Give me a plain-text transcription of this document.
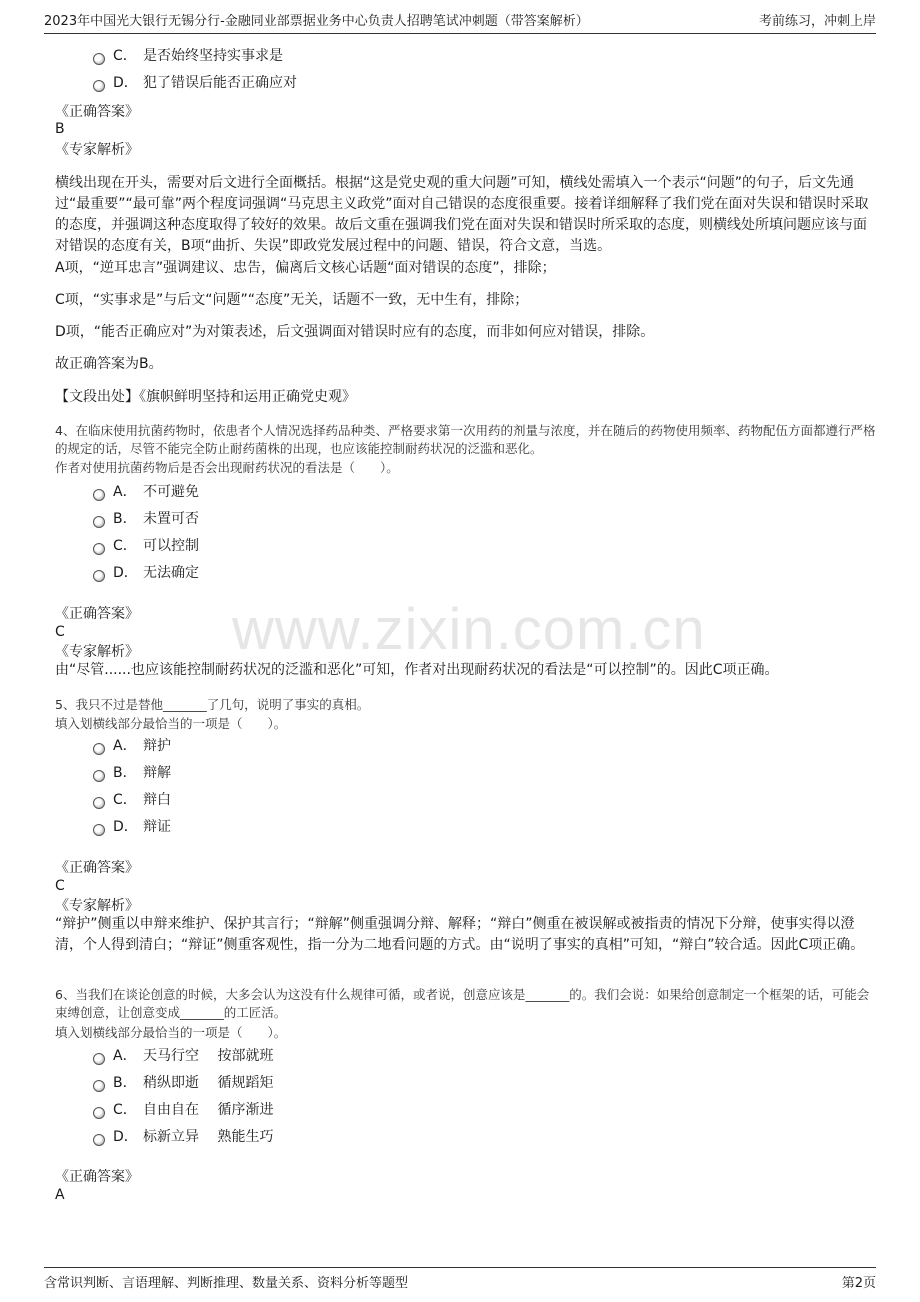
2023年中国光大银行无锡分行-金融同业部票据业务中心负责人招聘笔试冲刺题（带答案解析）	考前练习，冲刺上岸
www.zixin.com.cn
C． 是否始终坚持实事求是
D． 犯了错误后能否正确应对
《正确答案》
B
《专家解析》
横线出现在开头，需要对后文进行全面概括。根据“这是党史观的重大问题”可知，横线处需填入一个表示“问题”的句子，后文先通过“最重要”“最可靠”两个程度词强调“马克思主义政党”面对自己错误的态度很重要。接着详细解释了我们党在面对失误和错误时采取的态度，并强调这种态度取得了较好的效果。故后文重在强调我们党在面对失误和错误时所采取的态度，则横线处所填问题应该与面对错误的态度有关，B项“曲折、失误”即政党发展过程中的问题、错误，符合文意，当选。
A项，“逆耳忠言”强调建议、忠告，偏离后文核心话题“面对错误的态度”，排除；
C项，“实事求是”与后文“问题”“态度”无关，话题不一致，无中生有，排除；
D项，“能否正确应对”为对策表述，后文强调面对错误时应有的态度，而非如何应对错误，排除。
故正确答案为B。
【文段出处】《旗帜鲜明坚持和运用正确党史观》
4、在临床使用抗菌药物时，依患者个人情况选择药品种类、严格要求第一次用药的剂量与浓度，并在随后的药物使用频率、药物配伍方面都遵行严格的规定的话，尽管不能完全防止耐药菌株的出现，也应该能控制耐药状况的泛滥和恶化。
作者对使用抗菌药物后是否会出现耐药状况的看法是（　　）。
A． 不可避免
B． 未置可否
C． 可以控制
D． 无法确定
《正确答案》
C
《专家解析》
由“尽管......也应该能控制耐药状况的泛滥和恶化”可知，作者对出现耐药状况的看法是“可以控制”的。因此C项正确。
5、我只不过是替他_______了几句，说明了事实的真相。
填入划横线部分最恰当的一项是（　　）。
A． 辩护
B． 辩解
C． 辩白
D． 辩证
《正确答案》
C
《专家解析》
“辩护”侧重以申辩来维护、保护其言行；“辩解”侧重强调分辩、解释；“辩白”侧重在被误解或被指责的情况下分辩，使事实得以澄清，个人得到清白；“辩证”侧重客观性，指一分为二地看问题的方式。由“说明了事实的真相”可知，“辩白”较合适。因此C项正确。
6、当我们在谈论创意的时候，大多会认为这没有什么规律可循，或者说，创意应该是_______的。我们会说：如果给创意制定一个框架的话，可能会束缚创意，让创意变成_______的工匠活。
填入划横线部分最恰当的一项是（　　）。
A． 天马行空　 按部就班
B． 稍纵即逝　 循规蹈矩
C． 自由自在　 循序渐进
D． 标新立异　 熟能生巧
《正确答案》
A
含常识判断、言语理解、判断推理、数量关系、资料分析等题型	第2页
